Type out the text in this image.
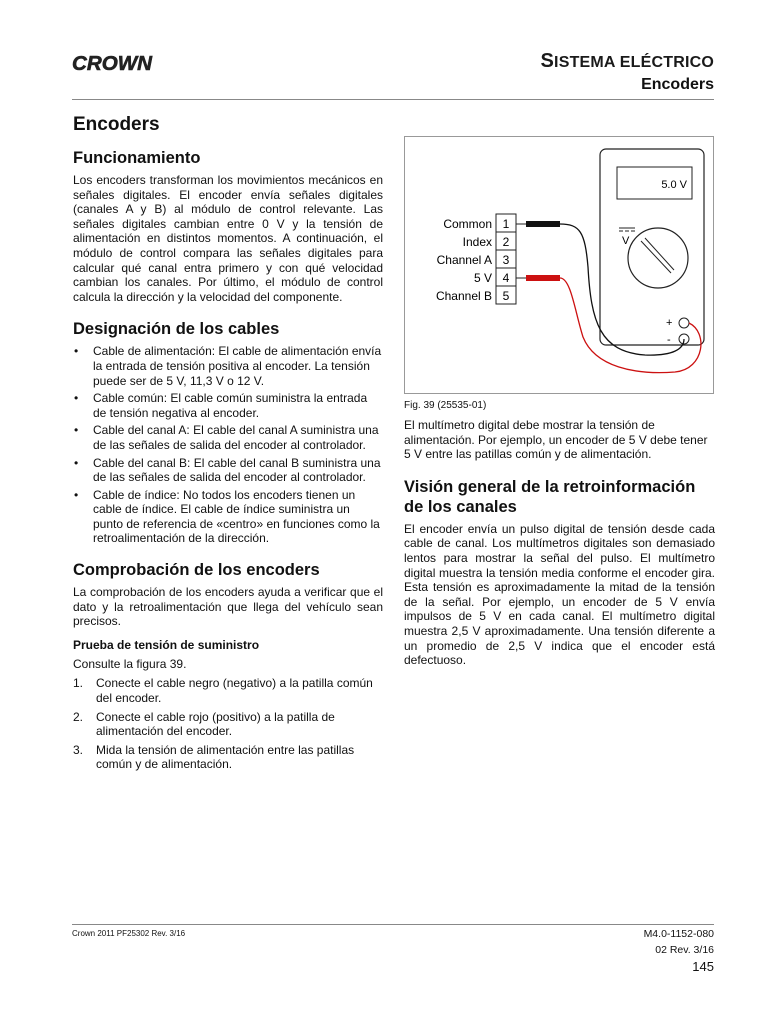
CROWN	SISTEMA ELÉCTRICO
Encoders
Encoders
Funcionamiento

Los encoders transforman los movimientos mecánicos en señales digitales. El encoder envía señales digitales (canales A y B) al módulo de control relevante. Las señales digitales cambian entre 0 V y la tensión de alimentación en distintos momentos. A continuación, el módulo de control compara las señales digitales para calcular qué canal entra primero y con qué velocidad cambian los canales. Por último, el módulo de control calcula la dirección y la velocidad del componente.

Designación de los cables
• Cable de alimentación: El cable de alimentación envía la entrada de tensión positiva al encoder. La tensión puede ser de 5 V, 11,3 V o 12 V.
• Cable común: El cable común suministra la entrada de tensión negativa al encoder.
• Cable del canal A: El cable del canal A suministra una de las señales de salida del encoder al controlador.
• Cable del canal B: El cable del canal B suministra una de las señales de salida del encoder al controlador.
• Cable de índice: No todos los encoders tienen un cable de índice. El cable de índice suministra un punto de referencia de «centro» en funciones como la retroalimentación de la dirección.
Comprobación de los encoders

La comprobación de los encoders ayuda a verificar que el dato y la retroalimentación que llega del vehículo sean precisos.

Prueba de tensión de suministro

Consulte la figura 39.

1. Conecte el cable negro (negativo) a la patilla común del encoder.
2. Conecte el cable rojo (positivo) a la patilla de alimentación del encoder.
3. Mida la tensión de alimentación entre las patillas común y de alimentación.
5.0 V
V
+
-
Common
Index
Channel A
5 V
Channel B
1
2
3
4
5
Fig. 39 (25535-01)

El multímetro digital debe mostrar la tensión de alimentación. Por ejemplo, un encoder de 5 V debe tener 5 V entre las patillas común y de alimentación.

Visión general de la retroinformación de los canales

El encoder envía un pulso digital de tensión desde cada cable de canal. Los multímetros digitales son demasiado lentos para mostrar la señal del pulso. El multímetro digital muestra la tensión media conforme el encoder gira. Esta tensión es aproximadamente la mitad de la tensión de la señal. Por ejemplo, un encoder de 5 V envía impulsos de 5 V en cada canal. El multímetro digital muestra 2,5 V aproximadamente. Una tensión diferente a un promedio de 2,5 V indica que el encoder está defectuoso.

Crown 2011 PF25302 Rev. 3/16	M4.0-1152-080
02 Rev. 3/16
145
